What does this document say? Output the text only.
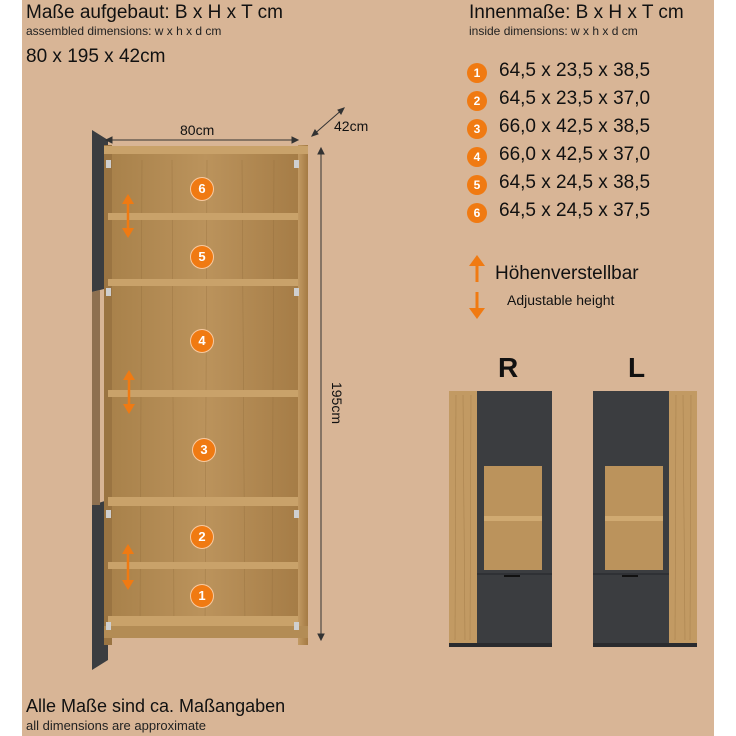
Maße aufgebaut: B x H x T cm
assembled dimensions: w x h x d cm
80 x 195 x 42cm
Innenmaße: B x H x T cm
inside dimensions: w x h x d cm
1 64,5 x 23,5 x 38,5
2 64,5 x 23,5 x 37,0
3 66,0 x 42,5 x 38,5
4 66,0 x 42,5 x 37,0
5 64,5 x 24,5 x 38,5
6 64,5 x 24,5 x 37,5
Höhenverstellbar
Adjustable height
80cm	42cm
195cm
6
5
4
3
2
1
R	L
Alle Maße sind ca. Maßangaben
all dimensions are approximate
